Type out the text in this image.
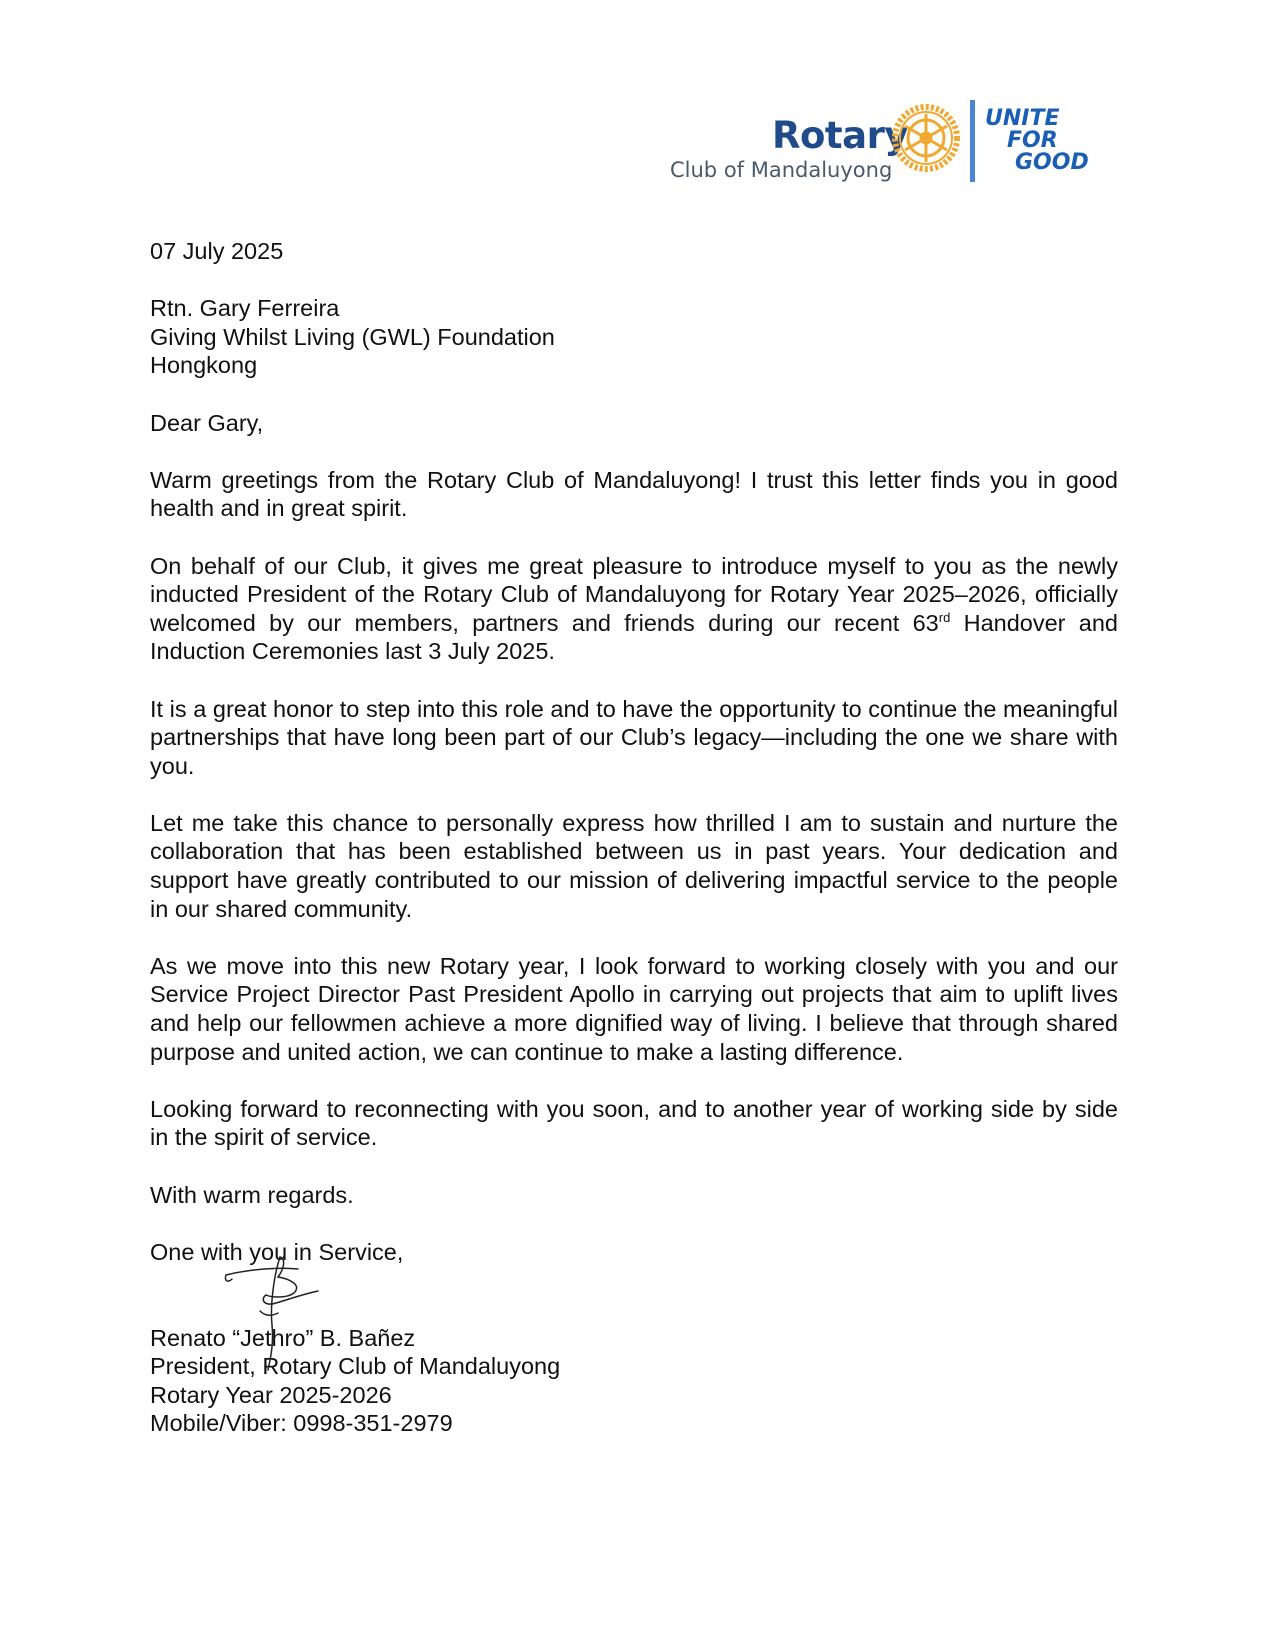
Rotary
Club of Mandaluyong
UNITE
FOR
GOOD

07 July 2025

Rtn. Gary Ferreira
Giving Whilst Living (GWL) Foundation
Hongkong

Dear Gary,

Warm greetings from the Rotary Club of Mandaluyong! I trust this letter finds you in good health and in great spirit.

On behalf of our Club, it gives me great pleasure to introduce myself to you as the newly inducted President of the Rotary Club of Mandaluyong for Rotary Year 2025–2026, officially welcomed by our members, partners and friends during our recent 63rd Handover and Induction Ceremonies last 3 July 2025.

It is a great honor to step into this role and to have the opportunity to continue the meaningful partnerships that have long been part of our Club’s legacy—including the one we share with you.

Let me take this chance to personally express how thrilled I am to sustain and nurture the collaboration that has been established between us in past years. Your dedication and support have greatly contributed to our mission of delivering impactful service to the people in our shared community.

As we move into this new Rotary year, I look forward to working closely with you and our Service Project Director Past President Apollo in carrying out projects that aim to uplift lives and help our fellowmen achieve a more dignified way of living. I believe that through shared purpose and united action, we can continue to make a lasting difference.

Looking forward to reconnecting with you soon, and to another year of working side by side in the spirit of service.

With warm regards.

One with you in Service,

Renato “Jethro” B. Bañez
President, Rotary Club of Mandaluyong
Rotary Year 2025-2026
Mobile/Viber: 0998-351-2979
